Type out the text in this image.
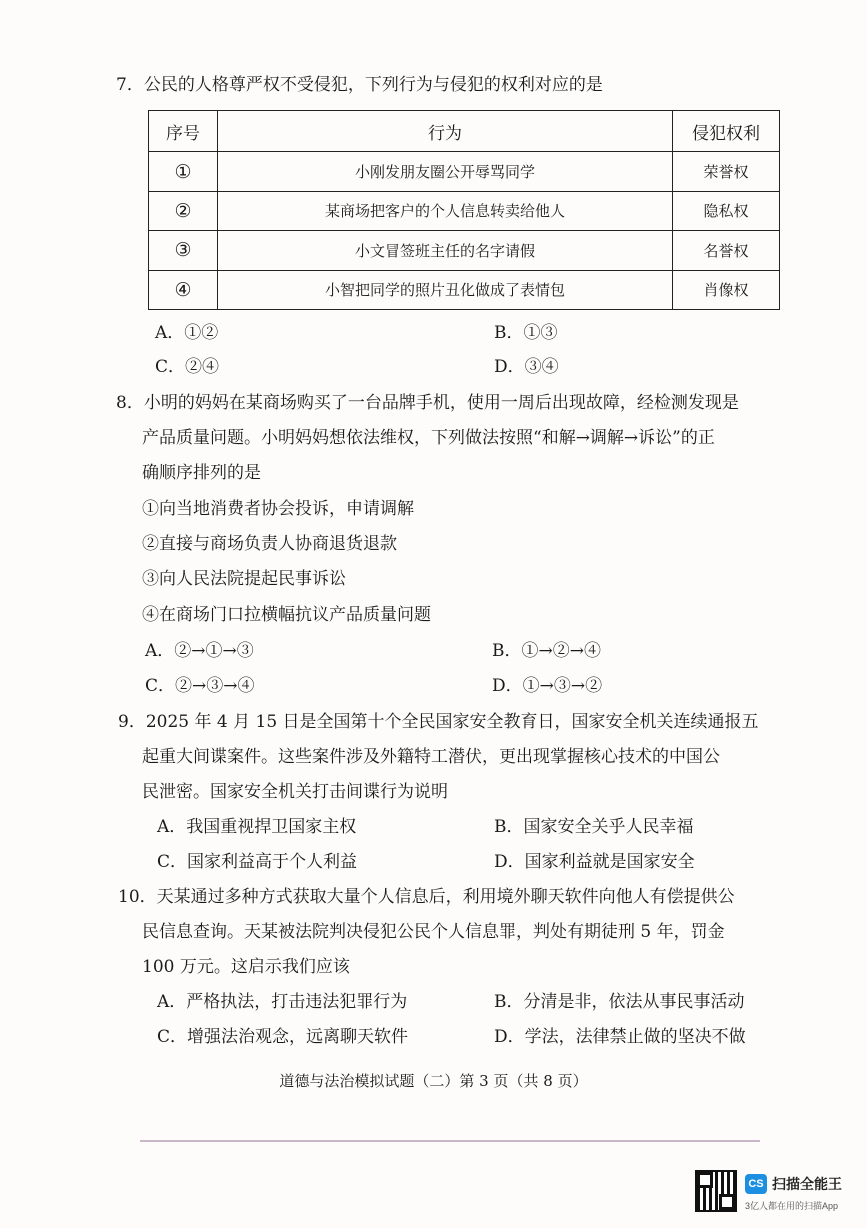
7．公民的人格尊严权不受侵犯，下列行为与侵犯的权利对应的是
序号	行为	侵犯权利
①	小刚发朋友圈公开辱骂同学	荣誉权
②	某商场把客户的个人信息转卖给他人	隐私权
③	小文冒签班主任的名字请假	名誉权
④	小智把同学的照片丑化做成了表情包	肖像权
A．①②	B．①③
C．②④	D．③④
8．小明的妈妈在某商场购买了一台品牌手机，使用一周后出现故障，经检测发现是
产品质量问题。小明妈妈想依法维权，下列做法按照“和解→调解→诉讼”的正
确顺序排列的是
①向当地消费者协会投诉，申请调解
②直接与商场负责人协商退货退款
③向人民法院提起民事诉讼
④在商场门口拉横幅抗议产品质量问题
A．②→①→③	B．①→②→④
C．②→③→④	D．①→③→②
9．2025 年 4 月 15 日是全国第十个全民国家安全教育日，国家安全机关连续通报五
起重大间谍案件。这些案件涉及外籍特工潜伏，更出现掌握核心技术的中国公
民泄密。国家安全机关打击间谍行为说明
A．我国重视捍卫国家主权	B．国家安全关乎人民幸福
C．国家利益高于个人利益	D．国家利益就是国家安全
10．天某通过多种方式获取大量个人信息后，利用境外聊天软件向他人有偿提供公
民信息查询。天某被法院判决侵犯公民个人信息罪，判处有期徒刑 5 年，罚金
100 万元。这启示我们应该
A．严格执法，打击违法犯罪行为	B．分清是非，依法从事民事活动
C．增强法治观念，远离聊天软件	D．学法，法律禁止做的坚决不做
道德与法治模拟试题（二）第 3 页（共 8 页）
CS 扫描全能王
3亿人都在用的扫描App
